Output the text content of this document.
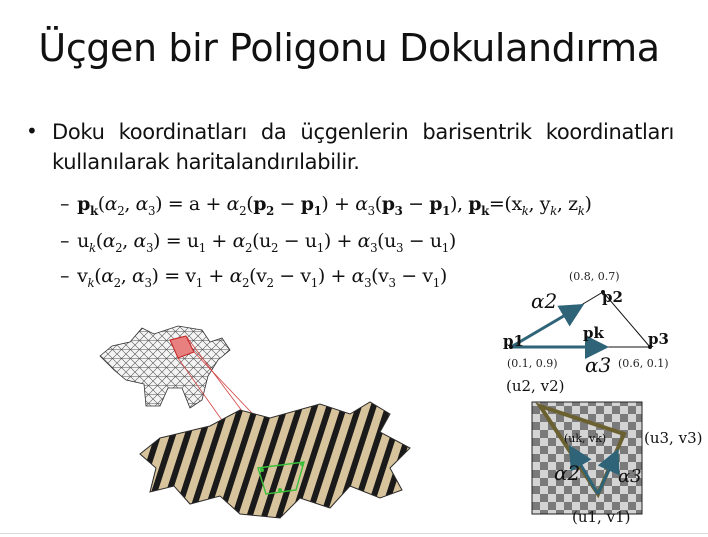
Üçgen bir Poligonu Dokulandırma
• Doku koordinatları da üçgenlerin barisentrik koordinatları kullanılarak haritalandırılabilir.
– $p_k(\alpha_2$, $\alpha_3) = a + \alpha_2(p_2 - p_1) + \alpha_3(p_3 - p_1)$, $p_k=(x_k$, $y_k$, $z_k$)
– $u_k(\alpha_2$, $\alpha_3) = u_1 + \alpha_2(u_2 - u_1) + \alpha_3(u_3 - u_1)$
– $v_k(\alpha_2$, $\alpha_3) = v_1 + \alpha_2(v_2 - v_1) + \alpha_3(v_3 - v_1)$	(0.8, 0.7)
(0.1, 0.9)	(0.6, 0.1)
p2
p1	p3
pk
α2
α3
(u2, v2)
(u3, v3)
(u1, v1)
(uk, vk)
α2 α3
